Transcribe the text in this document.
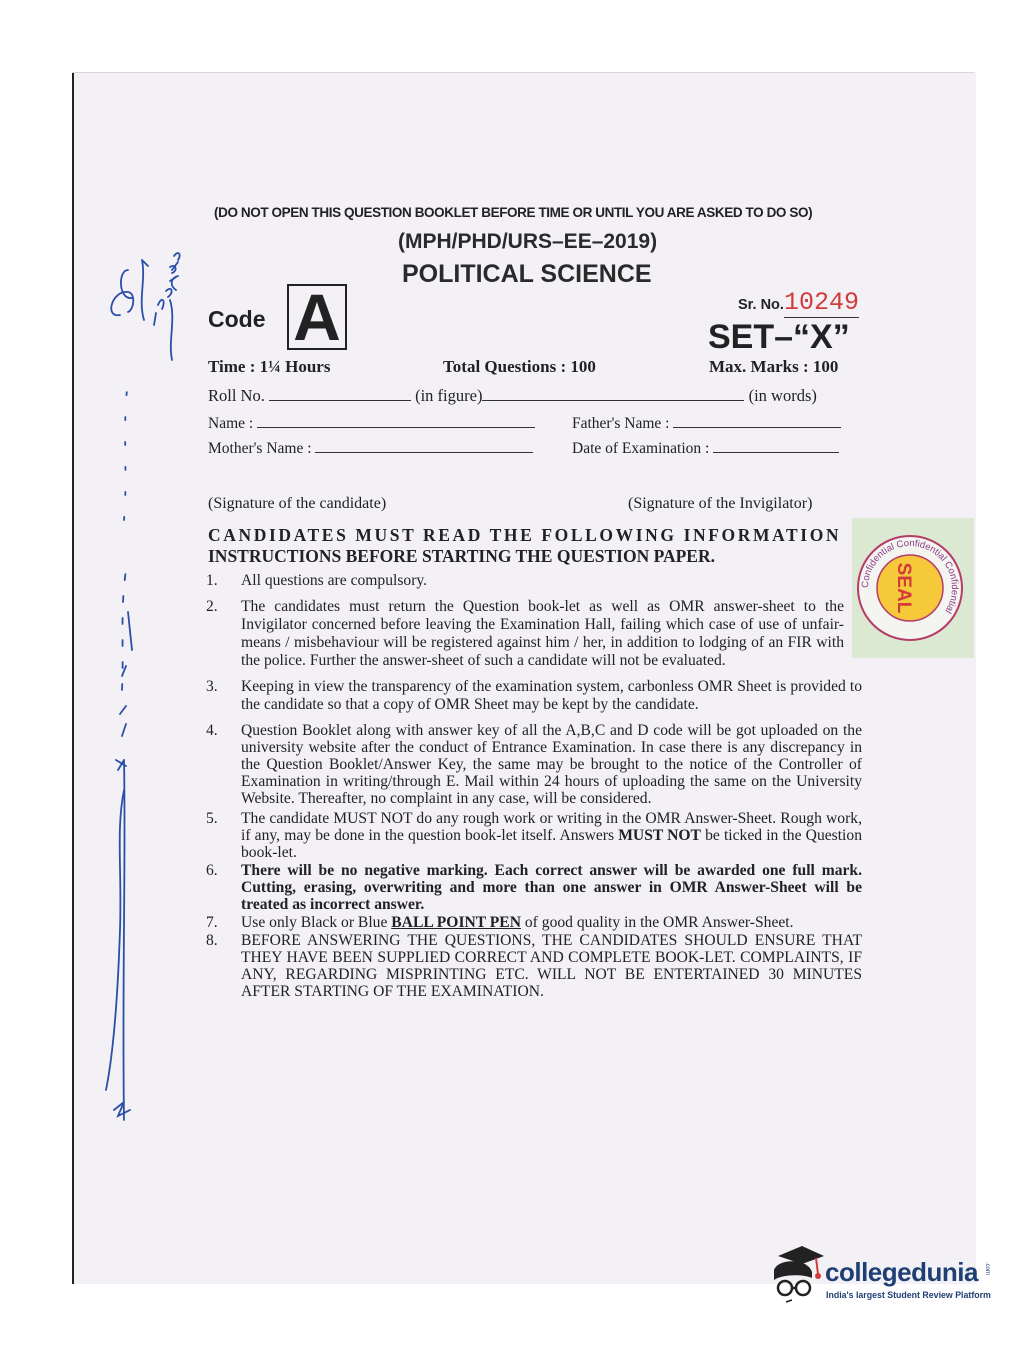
(DO NOT OPEN THIS QUESTION BOOKLET BEFORE TIME OR UNTIL YOU ARE ASKED TO DO SO)
(MPH/PHD/URS–EE–2019)
POLITICAL SCIENCE
Code A	Sr. No.10249
SET–“X”
Time : 1¼ Hours	Total Questions : 100	Max. Marks : 100
Roll No.	(in figure)	(in words)
Name :	Father's Name :
Mother's Name :	Date of Examination :
(Signature of the candidate)	(Signature of the Invigilator)
CANDIDATES MUST READ THE FOLLOWING INFORMATION
INSTRUCTIONS BEFORE STARTING THE QUESTION PAPER.
1. All questions are compulsory.
2. The candidates must return the Question book-let as well as OMR answer-sheet to the Invigilator concerned before leaving the Examination Hall, failing which case of use of unfair-means / misbehaviour will be registered against him / her, in addition to lodging of an FIR with the police. Further the answer-sheet of such a candidate will not be evaluated.
3. Keeping in view the transparency of the examination system, carbonless OMR Sheet is provided to the candidate so that a copy of OMR Sheet may be kept by the candidate.
4. Question Booklet along with answer key of all the A,B,C and D code will be got uploaded on the university website after the conduct of Entrance Examination. In case there is any discrepancy in the Question Booklet/Answer Key, the same may be brought to the notice of the Controller of Examination in writing/through E. Mail within 24 hours of uploading the same on the University Website. Thereafter, no complaint in any case, will be considered.
5. The candidate MUST NOT do any rough work or writing in the OMR Answer-Sheet. Rough work, if any, may be done in the question book-let itself. Answers MUST NOT be ticked in the Question book-let.
6. There will be no negative marking. Each correct answer will be awarded one full mark. Cutting, erasing, overwriting and more than one answer in OMR Answer-Sheet will be treated as incorrect answer.
7. Use only Black or Blue BALL POINT PEN of good quality in the OMR Answer-Sheet.
8. BEFORE ANSWERING THE QUESTIONS, THE CANDIDATES SHOULD ENSURE THAT THEY HAVE BEEN SUPPLIED CORRECT AND COMPLETE BOOK-LET. COMPLAINTS, IF ANY, REGARDING MISPRINTING ETC. WILL NOT BE ENTERTAINED 30 MINUTES AFTER STARTING OF THE EXAMINATION.
Confidential Confidential Confidential
SEAL
collegedunia .com
India's largest Student Review Platform
